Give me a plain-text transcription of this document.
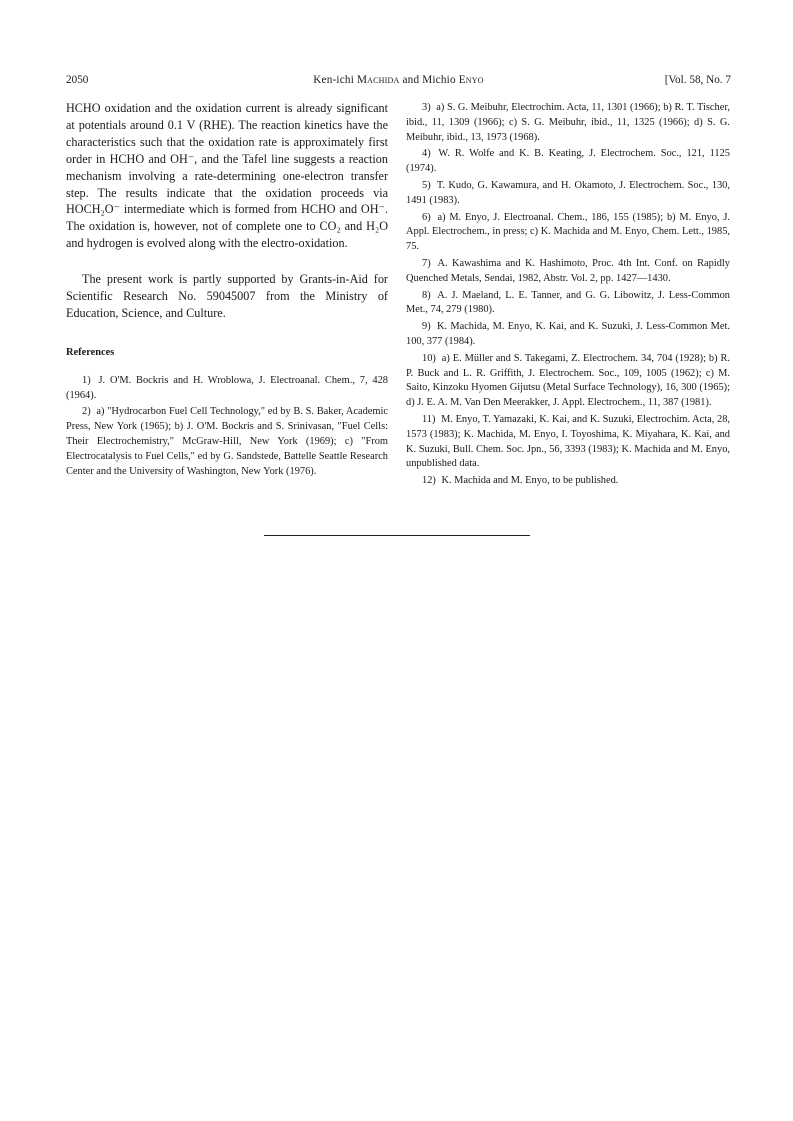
2050	Ken-ichi Machida and Michio Enyo	[Vol. 58, No. 7

HCHO oxidation and the oxidation current is already significant at potentials around 0.1 V (RHE). The reaction kinetics have the characteristics such that the oxidation rate is approximately first order in HCHO and OH⁻, and the Tafel line suggests a reaction mechanism involving a rate-determining one-electron transfer step. The results indicate that the oxidation proceeds via HOCH₂O⁻ intermediate which is formed from HCHO and OH⁻. The oxidation is, however, not of complete one to CO₂ and H₂O and hydrogen is evolved along with the electro-oxidation.

The present work is partly supported by Grants-in-Aid for Scientific Research No. 59045007 from the Ministry of Education, Science, and Culture.

References

1) J. O'M. Bockris and H. Wroblowa, J. Electroanal. Chem., 7, 428 (1964).

2) a) "Hydrocarbon Fuel Cell Technology," ed by B. S. Baker, Academic Press, New York (1965); b) J. O'M. Bockris and S. Srinivasan, "Fuel Cells: Their Electrochemistry," McGraw-Hill, New York (1969); c) "From Electrocatalysis to Fuel Cells," ed by G. Sandstede, Battelle Seattle Research Center and the University of Washington, New York (1976).

3) a) S. G. Meibuhr, Electrochim. Acta, 11, 1301 (1966); b) R. T. Tischer, ibid., 11, 1309 (1966); c) S. G. Meibuhr, ibid., 11, 1325 (1966); d) S. G. Meibuhr, ibid., 13, 1973 (1968).

4) W. R. Wolfe and K. B. Keating, J. Electrochem. Soc., 121, 1125 (1974).

5) T. Kudo, G. Kawamura, and H. Okamoto, J. Electrochem. Soc., 130, 1491 (1983).

6) a) M. Enyo, J. Electroanal. Chem., 186, 155 (1985); b) M. Enyo, J. Appl. Electrochem., in press; c) K. Machida and M. Enyo, Chem. Lett., 1985, 75.

7) A. Kawashima and K. Hashimoto, Proc. 4th Int. Conf. on Rapidly Quenched Metals, Sendai, 1982, Abstr. Vol. 2, pp. 1427—1430.

8) A. J. Maeland, L. E. Tanner, and G. G. Libowitz, J. Less-Common Met., 74, 279 (1980).

9) K. Machida, M. Enyo, K. Kai, and K. Suzuki, J. Less-Common Met. 100, 377 (1984).

10) a) E. Müller and S. Takegami, Z. Electrochem. 34, 704 (1928); b) R. P. Buck and L. R. Griffith, J. Electrochem. Soc., 109, 1005 (1962); c) M. Saito, Kinzoku Hyomen Gijutsu (Metal Surface Technology), 16, 300 (1965); d) J. E. A. M. Van Den Meerakker, J. Appl. Electrochem., 11, 387 (1981).

11) M. Enyo, T. Yamazaki, K. Kai, and K. Suzuki, Electrochim. Acta, 28, 1573 (1983); K. Machida, M. Enyo, I. Toyoshima, K. Miyahara, K. Kai, and K. Suzuki, Bull. Chem. Soc. Jpn., 56, 3393 (1983); K. Machida and M. Enyo, unpublished data.

12) K. Machida and M. Enyo, to be published.
